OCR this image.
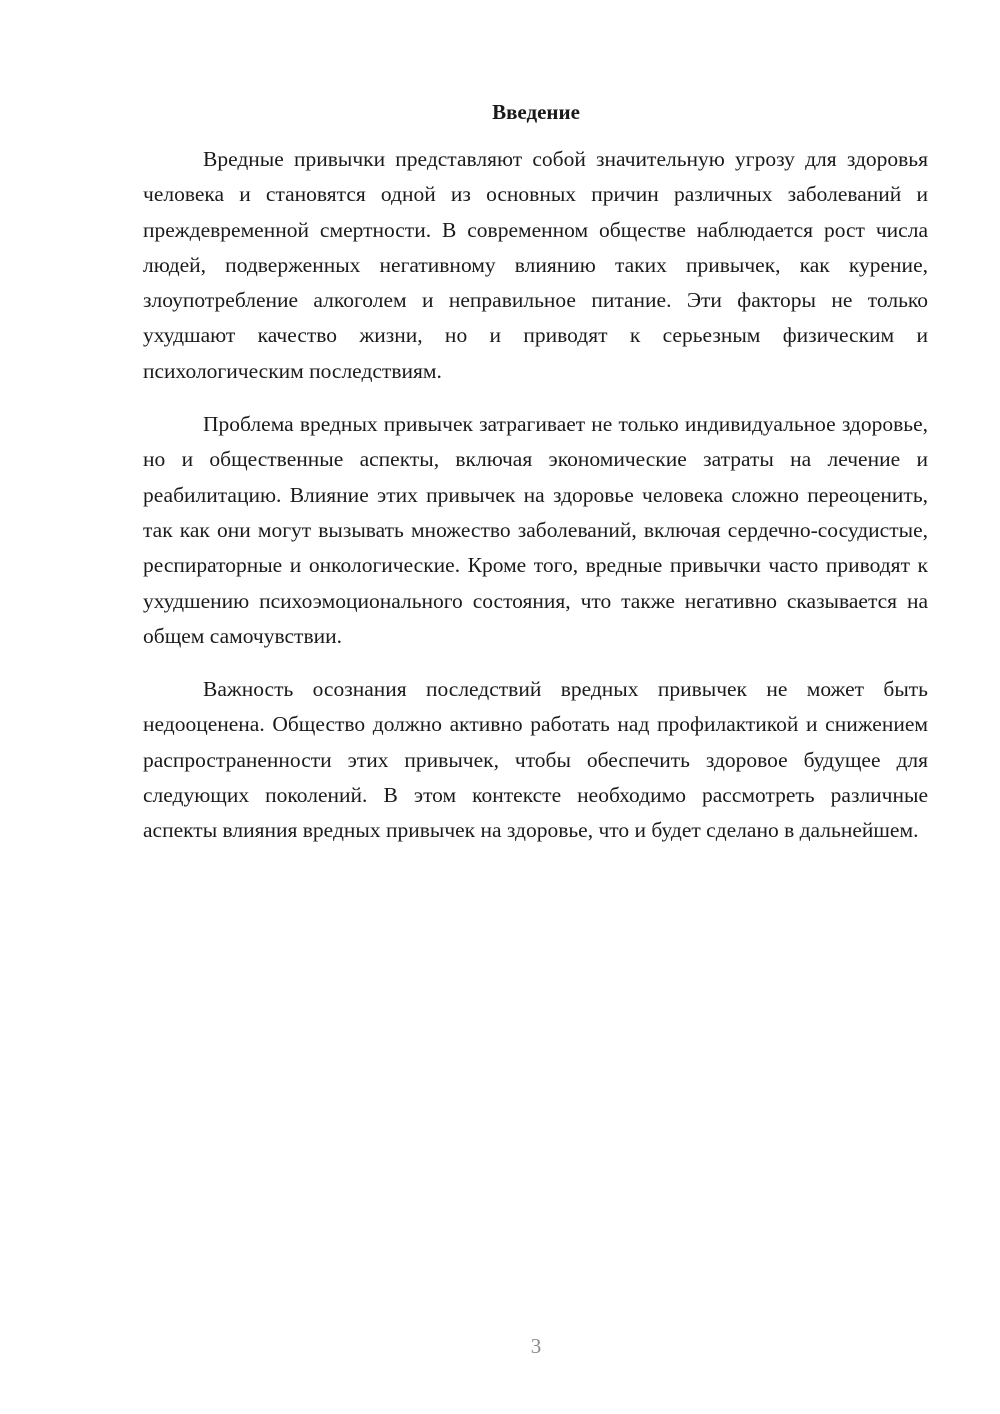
Введение

Вредные привычки представляют собой значительную угрозу для здоровья человека и становятся одной из основных причин различных заболеваний и преждевременной смертности. В современном обществе наблюдается рост числа людей, подверженных негативному влиянию таких привычек, как курение, злоупотребление алкоголем и неправильное питание. Эти факторы не только ухудшают качество жизни, но и приводят к серьезным физическим и психологическим последствиям.

Проблема вредных привычек затрагивает не только индивидуальное здоровье, но и общественные аспекты, включая экономические затраты на лечение и реабилитацию. Влияние этих привычек на здоровье человека сложно переоценить, так как они могут вызывать множество заболеваний, включая сердечно-сосудистые, респираторные и онкологические. Кроме того, вредные привычки часто приводят к ухудшению психоэмоционального состояния, что также негативно сказывается на общем самочувствии.

Важность осознания последствий вредных привычек не может быть недооценена. Общество должно активно работать над профилактикой и снижением распространенности этих привычек, чтобы обеспечить здоровое будущее для следующих поколений. В этом контексте необходимо рассмотреть различные аспекты влияния вредных привычек на здоровье, что и будет сделано в дальнейшем.

3
